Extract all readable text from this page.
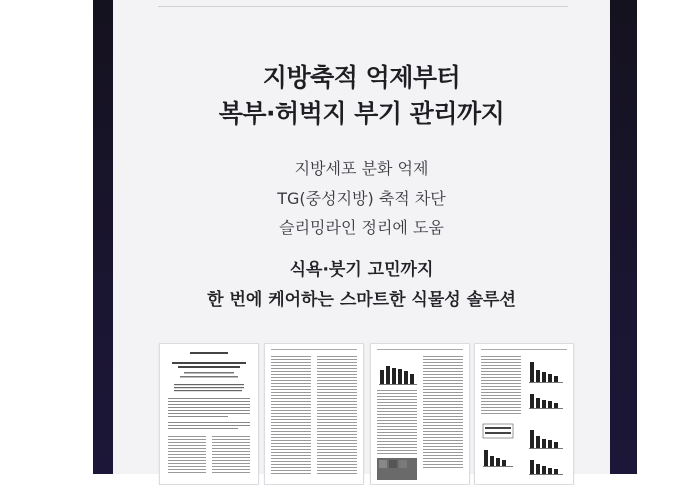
지방축적 억제부터
복부·허벅지 부기 관리까지
지방세포 분화 억제
TG(중성지방) 축적 차단
슬리밍라인 정리에 도움
식욕·붓기 고민까지
한 번에 케어하는 스마트한 식물성 솔루션
